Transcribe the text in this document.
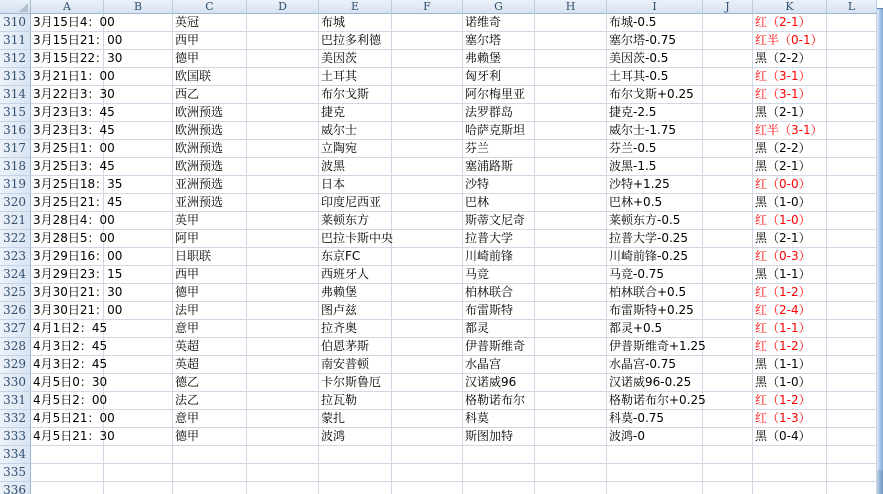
A	B	C	D	E	F	G	H	I	J	K	L
310 3月15日4：00	英冠	布城	诺维奇	布城-0.5	红（2-1）
311 3月15日21：00	西甲	巴拉多利德	塞尔塔	塞尔塔-0.75	红半（0-1）
312 3月15日22：30	德甲	美因茨	弗赖堡	美因茨-0.5	黑（2-2）
313 3月21日1：00	欧国联	土耳其	匈牙利	土耳其-0.5	红（3-1）
314 3月22日3：30	西乙	布尔戈斯	阿尔梅里亚	布尔戈斯+0.25	红（3-1）
315 3月23日3：45	欧洲预选	捷克	法罗群岛	捷克-2.5	黑（2-1）
316 3月23日3：45	欧洲预选	威尔士	哈萨克斯坦	威尔士-1.75	红半（3-1）
317 3月25日1：00	欧洲预选	立陶宛	芬兰	芬兰-0.5	黑（2-2）
318 3月25日3：45	欧洲预选	波黑	塞浦路斯	波黑-1.5	黑（2-1）
319 3月25日18：35	亚洲预选	日本	沙特	沙特+1.25	红（0-0）
320 3月25日21：45	亚洲预选	印度尼西亚	巴林	巴林+0.5	黑（1-0）
321 3月28日4：00	英甲	莱顿东方	斯蒂文尼奇	莱顿东方-0.5	红（1-0）
322 3月28日5：00	阿甲	巴拉卡斯中央	拉普大学	拉普大学-0.25	黑（2-1）
323 3月29日16：00	日职联	东京FC	川崎前锋	川崎前锋-0.25	红（0-3）
324 3月29日23：15	西甲	西班牙人	马竞	马竞-0.75	黑（1-1）
325 3月30日21：30	德甲	弗赖堡	柏林联合	柏林联合+0.5	红（1-2）
326 3月30日21：00	法甲	图卢兹	布雷斯特	布雷斯特+0.25	红（2-4）
327 4月1日2：45	意甲	拉齐奥	都灵	都灵+0.5	红（1-1）
328 4月3日2：45	英超	伯恩茅斯	伊普斯维奇	伊普斯维奇+1.25	红（1-2）
329 4月3日2：45	英超	南安普顿	水晶宫	水晶宫-0.75	黑（1-1）
330 4月5日0：30	德乙	卡尔斯鲁厄	汉诺威96	汉诺威96-0.25	黑（1-0）
331 4月5日2：00	法乙	拉瓦勒	格勒诺布尔	格勒诺布尔+0.25	红（1-2）
332 4月5日21：00	意甲	蒙扎	科莫	科莫-0.75	红（1-3）
333 4月5日21：30	德甲	波鸿	斯图加特	波鸿-0	黑（0-4）
334
335
336
